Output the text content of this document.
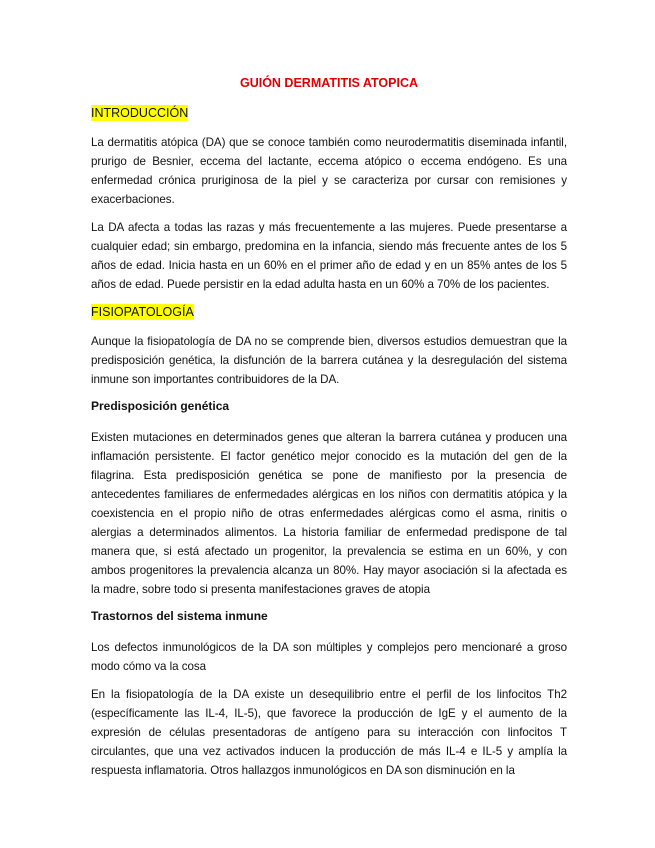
GUIÓN DERMATITIS ATOPICA
INTRODUCCIÓN

La dermatitis atópica (DA) que se conoce también como neurodermatitis diseminada infantil, prurigo de Besnier, eccema del lactante, eccema atópico o eccema endógeno. Es una enfermedad crónica pruriginosa de la piel y se caracteriza por cursar con remisiones y exacerbaciones.

La DA afecta a todas las razas y más frecuentemente a las mujeres. Puede presentarse a cualquier edad; sin embargo, predomina en la infancia, siendo más frecuente antes de los 5 años de edad. Inicia hasta en un 60% en el primer año de edad y en un 85% antes de los 5 años de edad. Puede persistir en la edad adulta hasta en un 60% a 70% de los pacientes.

FISIOPATOLOGÍA

Aunque la fisiopatología de DA no se comprende bien, diversos estudios demuestran que la predisposición genética, la disfunción de la barrera cutánea y la desregulación del sistema inmune son importantes contribuidores de la DA.

Predisposición genética

Existen mutaciones en determinados genes que alteran la barrera cutánea y producen una inflamación persistente. El factor genético mejor conocido es la mutación del gen de la filagrina. Esta predisposición genética se pone de manifiesto por la presencia de antecedentes familiares de enfermedades alérgicas en los niños con dermatitis atópica y la coexistencia en el propio niño de otras enfermedades alérgicas como el asma, rinitis o alergias a determinados alimentos. La historia familiar de enfermedad predispone de tal manera que, si está afectado un progenitor, la prevalencia se estima en un 60%, y con ambos progenitores la prevalencia alcanza un 80%. Hay mayor asociación si la afectada es la madre, sobre todo si presenta manifestaciones graves de atopia

Trastornos del sistema inmune

Los defectos inmunológicos de la DA son múltiples y complejos pero mencionaré a groso modo cómo va la cosa

En la fisiopatología de la DA existe un desequilibrio entre el perfil de los linfocitos Th2 (específicamente las IL-4, IL-5), que favorece la producción de IgE y el aumento de la expresión de células presentadoras de antígeno para su interacción con linfocitos T circulantes, que una vez activados inducen la producción de más IL-4 e IL-5 y amplía la respuesta inflamatoria. Otros hallazgos inmunológicos en DA son disminución en la
